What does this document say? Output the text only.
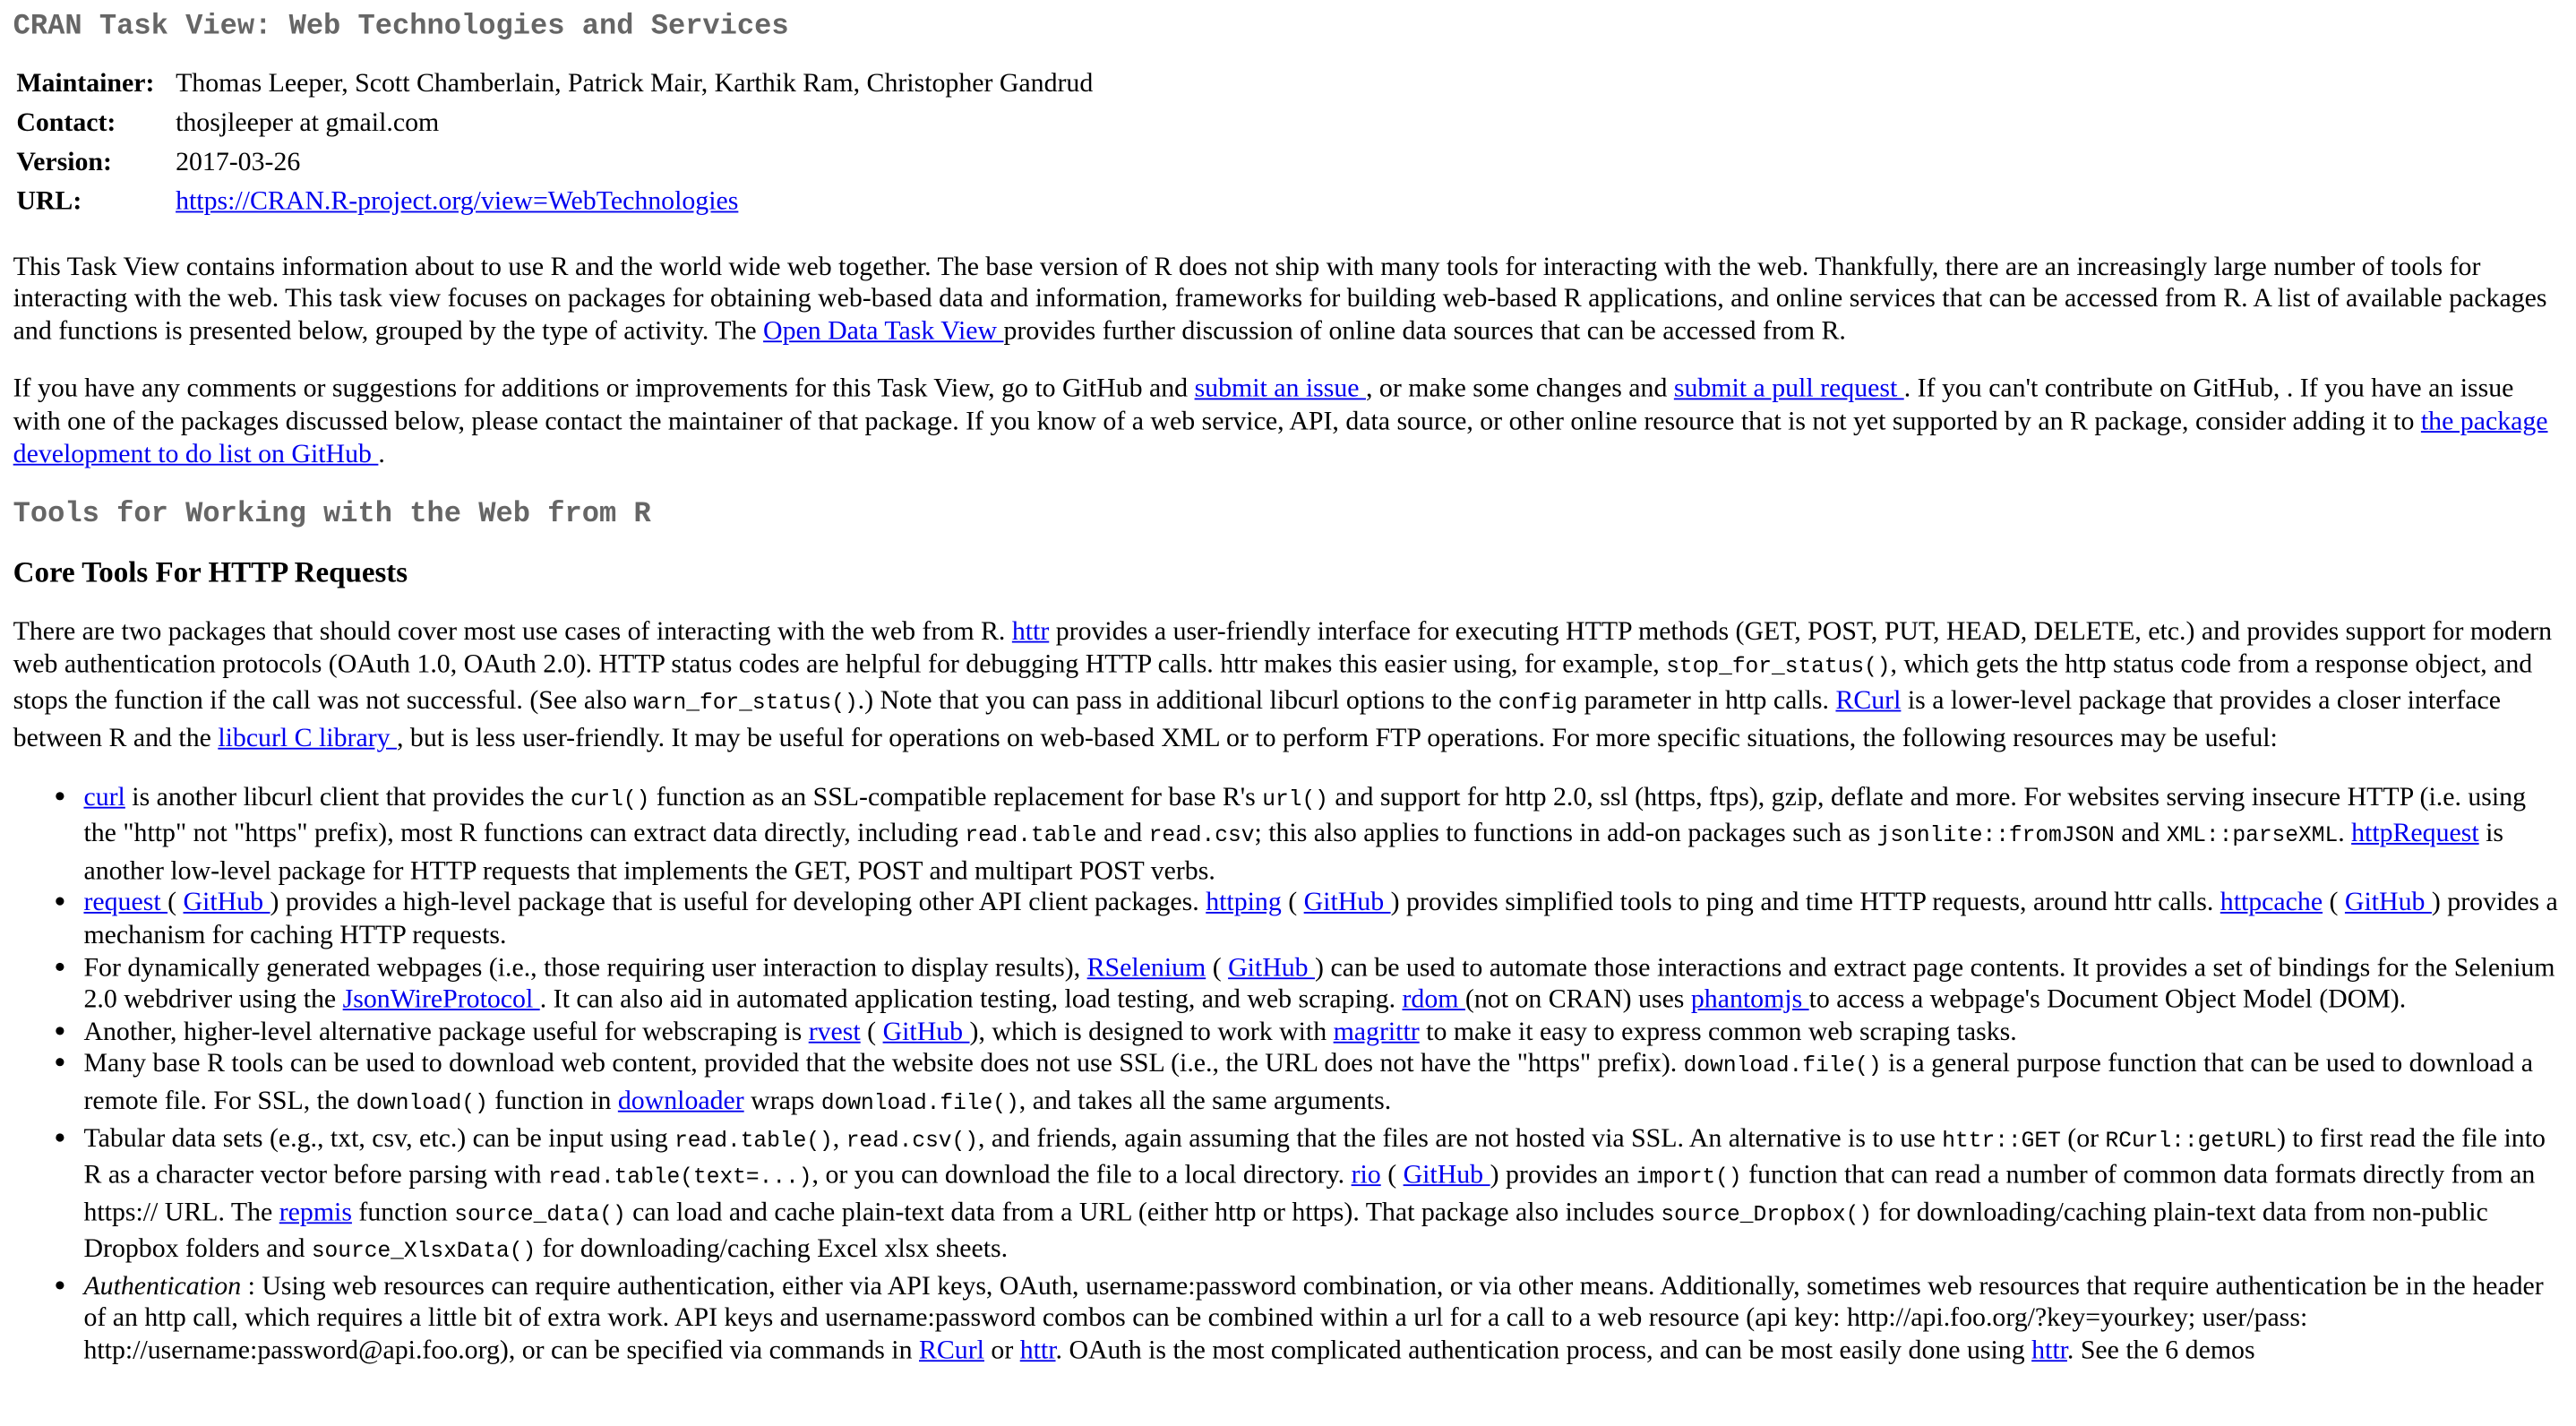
CRAN Task View: Web Technologies and Services
Maintainer:	Thomas Leeper, Scott Chamberlain, Patrick Mair, Karthik Ram, Christopher Gandrud
Contact:	thosjleeper at gmail.com
Version:	2017-03-26
URL:	https://CRAN.R-project.org/view=WebTechnologies

This Task View contains information about to use R and the world wide web together. The base version of R does not ship with many tools for interacting with the web. Thankfully, there are an increasingly large number of tools for interacting with the web. This task view focuses on packages for obtaining web-based data and information, frameworks for building web-based R applications, and online services that can be accessed from R. A list of available packages and functions is presented below, grouped by the type of activity. The Open Data Task View provides further discussion of online data sources that can be accessed from R.

If you have any comments or suggestions for additions or improvements for this Task View, go to GitHub and submit an issue , or make some changes and submit a pull request . If you can't contribute on GitHub, . If you have an issue with one of the packages discussed below, please contact the maintainer of that package. If you know of a web service, API, data source, or other online resource that is not yet supported by an R package, consider adding it to the package development to do list on GitHub .

Tools for Working with the Web from R
Core Tools For HTTP Requests

There are two packages that should cover most use cases of interacting with the web from R. httr provides a user-friendly interface for executing HTTP methods (GET, POST, PUT, HEAD, DELETE, etc.) and provides support for modern web authentication protocols (OAuth 1.0, OAuth 2.0). HTTP status codes are helpful for debugging HTTP calls. httr makes this easier using, for example, stop_for_status(), which gets the http status code from a response object, and stops the function if the call was not successful. (See also warn_for_status().) Note that you can pass in additional libcurl options to the config parameter in http calls. RCurl is a lower-level package that provides a closer interface between R and the libcurl C library , but is less user-friendly. It may be useful for operations on web-based XML or to perform FTP operations. For more specific situations, the following resources may be useful:

• curl is another libcurl client that provides the curl() function as an SSL-compatible replacement for base R's url() and support for http 2.0, ssl (https, ftps), gzip, deflate and more. For websites serving insecure HTTP (i.e. using the "http" not "https" prefix), most R functions can extract data directly, including read.table and read.csv; this also applies to functions in add-on packages such as jsonlite::fromJSON and XML::parseXML. httpRequest is another low-level package for HTTP requests that implements the GET, POST and multipart POST verbs.
• request ( GitHub ) provides a high-level package that is useful for developing other API client packages. httping ( GitHub ) provides simplified tools to ping and time HTTP requests, around httr calls. httpcache ( GitHub ) provides a mechanism for caching HTTP requests.
• For dynamically generated webpages (i.e., those requiring user interaction to display results), RSelenium ( GitHub ) can be used to automate those interactions and extract page contents. It provides a set of bindings for the Selenium 2.0 webdriver using the JsonWireProtocol . It can also aid in automated application testing, load testing, and web scraping. rdom (not on CRAN) uses phantomjs to access a webpage's Document Object Model (DOM).
• Another, higher-level alternative package useful for webscraping is rvest ( GitHub ), which is designed to work with magrittr to make it easy to express common web scraping tasks.
• Many base R tools can be used to download web content, provided that the website does not use SSL (i.e., the URL does not have the "https" prefix). download.file() is a general purpose function that can be used to download a remote file. For SSL, the download() function in downloader wraps download.file(), and takes all the same arguments.
• Tabular data sets (e.g., txt, csv, etc.) can be input using read.table(), read.csv(), and friends, again assuming that the files are not hosted via SSL. An alternative is to use httr::GET (or RCurl::getURL) to first read the file into R as a character vector before parsing with read.table(text=...), or you can download the file to a local directory. rio ( GitHub ) provides an import() function that can read a number of common data formats directly from an https:// URL. The repmis function source_data() can load and cache plain-text data from a URL (either http or https). That package also includes source_Dropbox() for downloading/caching plain-text data from non-public Dropbox folders and source_XlsxData() for downloading/caching Excel xlsx sheets.
• Authentication : Using web resources can require authentication, either via API keys, OAuth, username:password combination, or via other means. Additionally, sometimes web resources that require authentication be in the header of an http call, which requires a little bit of extra work. API keys and username:password combos can be combined within a url for a call to a web resource (api key: http://api.foo.org/?key=yourkey; user/pass: http://username:password@api.foo.org), or can be specified via commands in RCurl or httr. OAuth is the most complicated authentication process, and can be most easily done using httr. See the 6 demos
